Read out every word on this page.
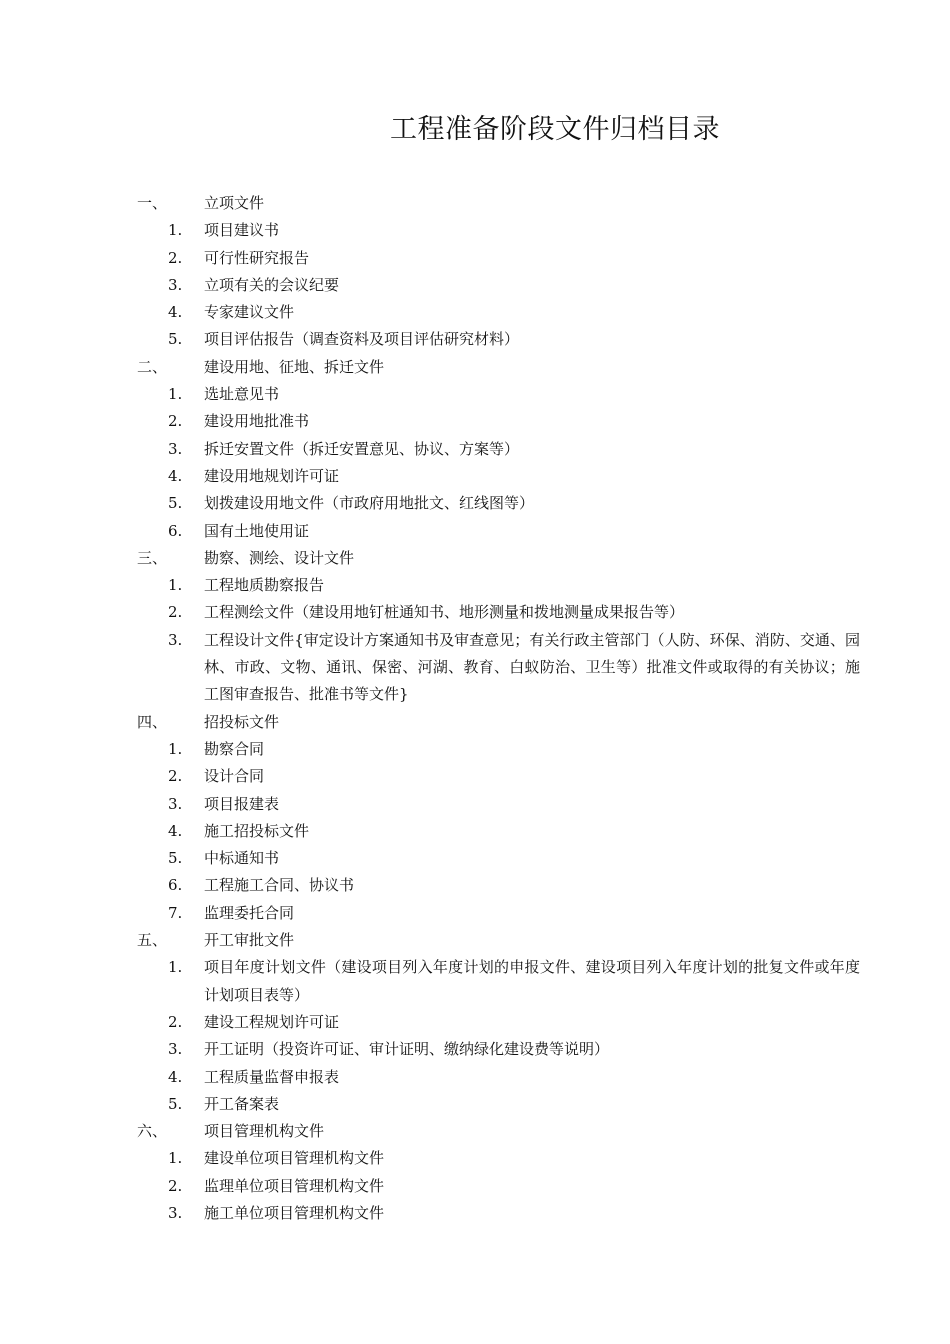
工程准备阶段文件归档目录
一、 立项文件
1. 项目建议书
2. 可行性研究报告
3. 立项有关的会议纪要
4. 专家建议文件
5. 项目评估报告（调查资料及项目评估研究材料）
二、 建设用地、征地、拆迁文件
1. 选址意见书
2. 建设用地批准书
3. 拆迁安置文件（拆迁安置意见、协议、方案等）
4. 建设用地规划许可证
5. 划拨建设用地文件（市政府用地批文、红线图等）
6. 国有土地使用证
三、 勘察、测绘、设计文件
1. 工程地质勘察报告
2. 工程测绘文件（建设用地钉桩通知书、地形测量和拨地测量成果报告等）
3. 工程设计文件{审定设计方案通知书及审查意见；有关行政主管部门（人防、环保、消防、交通、园林、市政、文物、通讯、保密、河湖、教育、白蚁防治、卫生等）批准文件或取得的有关协议；施工图审查报告、批准书等文件}
四、 招投标文件
1. 勘察合同
2. 设计合同
3. 项目报建表
4. 施工招投标文件
5. 中标通知书
6. 工程施工合同、协议书
7. 监理委托合同
五、 开工审批文件
1. 项目年度计划文件（建设项目列入年度计划的申报文件、建设项目列入年度计划的批复文件或年度计划项目表等）
2. 建设工程规划许可证
3. 开工证明（投资许可证、审计证明、缴纳绿化建设费等说明）
4. 工程质量监督申报表
5. 开工备案表
六、 项目管理机构文件
1. 建设单位项目管理机构文件
2. 监理单位项目管理机构文件
3. 施工单位项目管理机构文件
